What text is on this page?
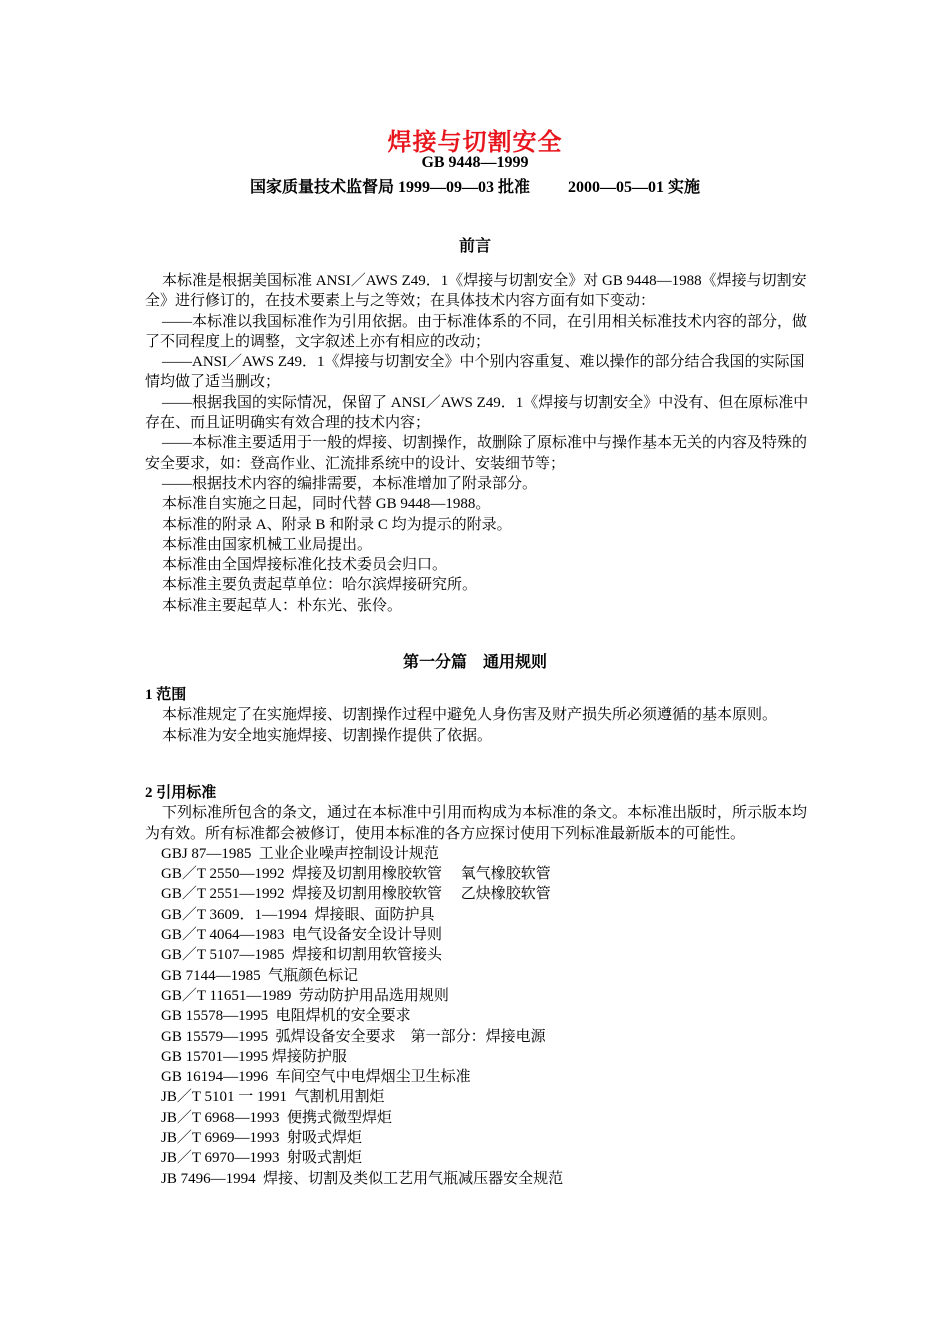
焊接与切割安全
GB 9448—1999
国家质量技术监督局 1999—09—03 批准 2000—05—01 实施
前言

本标准是根据美国标准 ANSI／AWS Z49．1《焊接与切割安全》对 GB 9448—1988《焊接与切割安全》进行修订的，在技术要素上与之等效；在具体技术内容方面有如下变动：

——本标准以我国标准作为引用依据。由于标准体系的不同，在引用相关标准技术内容的部分，做了不同程度上的调整，文字叙述上亦有相应的改动；

——ANSI／AWS Z49．1《焊接与切割安全》中个别内容重复、难以操作的部分结合我国的实际国情均做了适当删改；

——根据我国的实际情况，保留了 ANSI／AWS Z49．1《焊接与切割安全》中没有、但在原标准中存在、而且证明确实有效合理的技术内容；

——本标准主要适用于一般的焊接、切割操作，故删除了原标准中与操作基本无关的内容及特殊的安全要求，如：登高作业、汇流排系统中的设计、安装细节等；

——根据技术内容的编排需要，本标准增加了附录部分。

本标准自实施之日起，同时代替 GB 9448—1988。

本标准的附录 A、附录 B 和附录 C 均为提示的附录。

本标准由国家机械工业局提出。

本标准由全国焊接标准化技术委员会归口。

本标准主要负责起草单位：哈尔滨焊接研究所。

本标准主要起草人：朴东光、张伶。

第一分篇　通用规则

1 范围

本标准规定了在实施焊接、切割操作过程中避免人身伤害及财产损失所必须遵循的基本原则。

本标准为安全地实施焊接、切割操作提供了依据。

2 引用标准

下列标准所包含的条文，通过在本标准中引用而构成为本标准的条文。本标准出版时，所示版本均为有效。所有标准都会被修订，使用本标准的各方应探讨使用下列标准最新版本的可能性。

GBJ 87—1985  工业企业噪声控制设计规范
GB／T 2550—1992  焊接及切割用橡胶软管　 氧气橡胶软管
GB／T 2551—1992  焊接及切割用橡胶软管　 乙炔橡胶软管
GB／T 3609．1—1994  焊接眼、面防护具
GB／T 4064—1983  电气设备安全设计导则
GB／T 5107—1985  焊接和切割用软管接头
GB 7144—1985  气瓶颜色标记
GB／T 11651—1989  劳动防护用品选用规则
GB 15578—1995  电阻焊机的安全要求
GB 15579—1995  弧焊设备安全要求　第一部分：焊接电源
GB 15701—1995 焊接防护服
GB 16194—1996  车间空气中电焊烟尘卫生标准
JB／T 5101 一 1991  气割机用割炬
JB／T 6968—1993  便携式微型焊炬
JB／T 6969—1993  射吸式焊炬
JB／T 6970—1993  射吸式割炬
JB 7496—1994  焊接、切割及类似工艺用气瓶减压器安全规范
